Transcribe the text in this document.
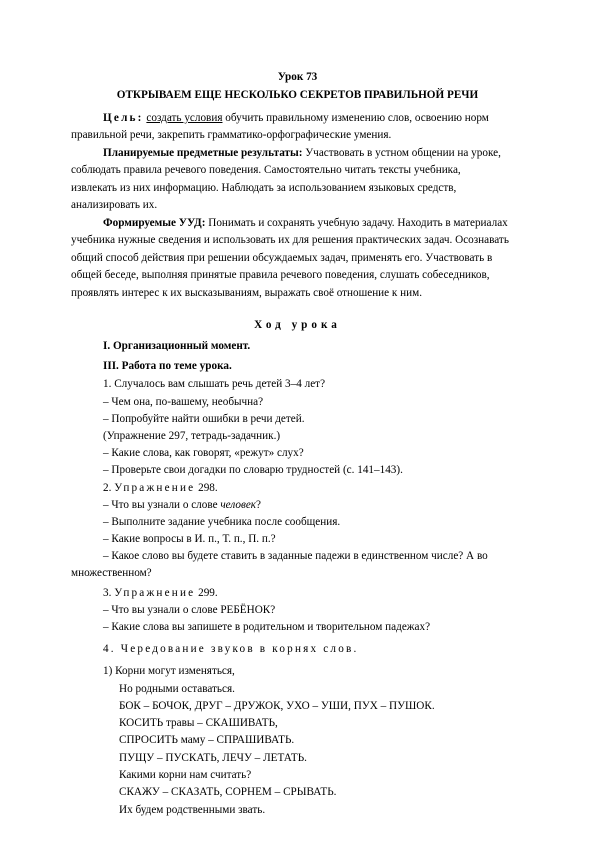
Урок 73
ОТКРЫВАЕМ ЕЩЕ НЕСКОЛЬКО СЕКРЕТОВ ПРАВИЛЬНОЙ РЕЧИ
Цель: создать условия обучить правильному изменению слов, освоению норм
правильной речи, закрепить грамматико-орфографические умения.
Планируемые предметные результаты: Участвовать в устном общении на уроке,
соблюдать правила речевого поведения. Самостоятельно читать тексты учебника,
извлекать из них информацию. Наблюдать за использованием языковых средств,
анализировать их.
Формируемые УУД: Понимать и сохранять учебную задачу. Находить в материалах
учебника нужные сведения и использовать их для решения практических задач. Осознавать
общий способ действия при решении обсуждаемых задач, применять его. Участвовать в
общей беседе, выполняя принятые правила речевого поведения, слушать собеседников,
проявлять интерес к их высказываниям, выражать своё отношение к ним.
Ход урока
I. Организационный момент.
III. Работа по теме урока.
1. Случалось вам слышать речь детей 3–4 лет?
– Чем она, по-вашему, необычна?
– Попробуйте найти ошибки в речи детей.
(Упражнение 297, тетрадь-задачник.)
– Какие слова, как говорят, «режут» слух?
– Проверьте свои догадки по словарю трудностей (с. 141–143).
2. Упражнение 298.
– Что вы узнали о слове человек?
– Выполните задание учебника после сообщения.
– Какие вопросы в И. п., Т. п., П. п.?
– Какое слово вы будете ставить в заданные падежи в единственном числе? А во
множественном?
3. Упражнение 299.
– Что вы узнали о слове РЕБЁНОК?
– Какие слова вы запишете в родительном и творительном падежах?
4. Чередование звуков в корнях слов.
1) Корни могут изменяться,
Но родными оставаться.
БОК – БОЧОК, ДРУГ – ДРУЖОК, УХО – УШИ, ПУХ – ПУШОК.
КОСИТЬ травы – СКАШИВАТЬ,
СПРОСИТЬ маму – СПРАШИВАТЬ.
ПУЩУ – ПУСКАТЬ, ЛЕЧУ – ЛЕТАТЬ.
Какими корни нам считать?
СКАЖУ – СКАЗАТЬ, СОРНЕМ – СРЫВАТЬ.
Их будем родственными звать.
